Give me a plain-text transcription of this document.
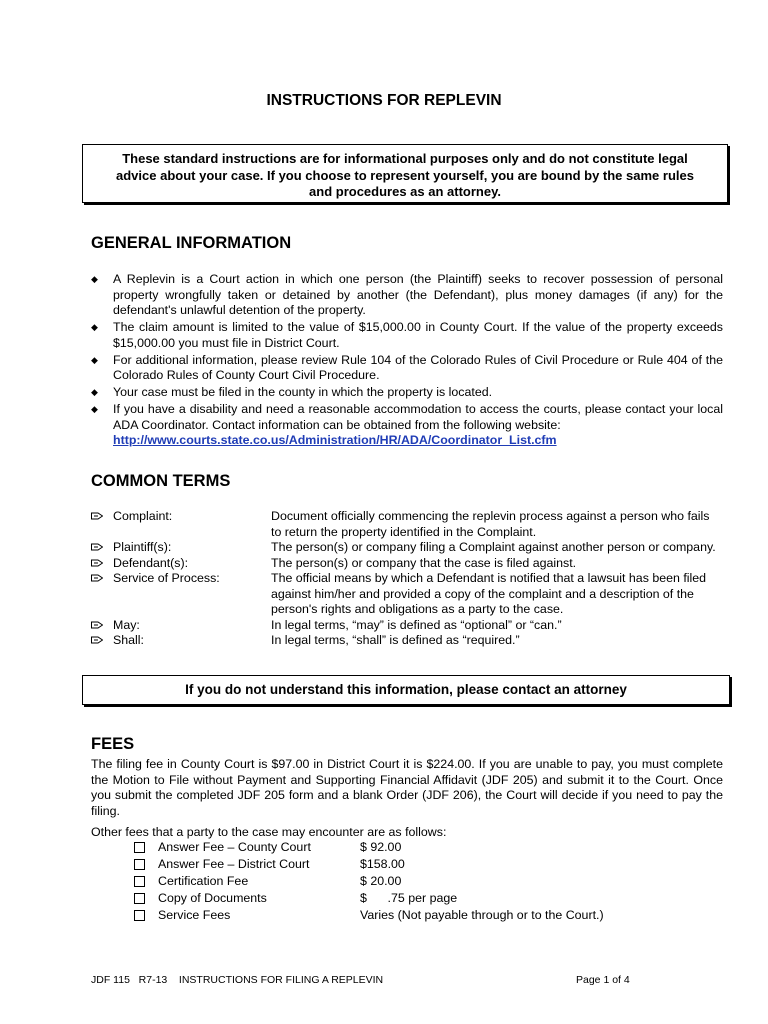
INSTRUCTIONS FOR REPLEVIN
These standard instructions are for informational purposes only and do not constitute legal
advice about your case. If you choose to represent yourself, you are bound by the same rules
and procedures as an attorney.
GENERAL INFORMATION
◆ A Replevin is a Court action in which one person (the Plaintiff) seeks to recover possession of personal property wrongfully taken or detained by another (the Defendant), plus money damages (if any) for the defendant's unlawful detention of the property.
◆ The claim amount is limited to the value of $15,000.00 in County Court. If the value of the property exceeds $15,000.00 you must file in District Court.
◆ For additional information, please review Rule 104 of the Colorado Rules of Civil Procedure or Rule 404 of the Colorado Rules of County Court Civil Procedure.
◆ Your case must be filed in the county in which the property is located.
◆ If you have a disability and need a reasonable accommodation to access the courts, please contact your local ADA Coordinator. Contact information can be obtained from the following website:
http://www.courts.state.co.us/Administration/HR/ADA/Coordinator_List.cfm
COMMON TERMS
Complaint:	Document officially commencing the replevin process against a person who fails to return the property identified in the Complaint.
Plaintiff(s):	The person(s) or company filing a Complaint against another person or company.
Defendant(s):	The person(s) or company that the case is filed against.
Service of Process:	The official means by which a Defendant is notified that a lawsuit has been filed against him/her and provided a copy of the complaint and a description of the person's rights and obligations as a party to the case.
May:	In legal terms, “may” is defined as “optional” or “can.”
Shall:	In legal terms, “shall” is defined as “required.”
If you do not understand this information, please contact an attorney
FEES
The filing fee in County Court is $97.00 in District Court it is $224.00. If you are unable to pay, you must complete the Motion to File without Payment and Supporting Financial Affidavit (JDF 205) and submit it to the Court. Once you submit the completed JDF 205 form and a blank Order (JDF 206), the Court will decide if you need to pay the filing.
Other fees that a party to the case may encounter are as follows:
Answer Fee – County Court	$ 92.00
Answer Fee – District Court	$158.00
Certification Fee	$ 20.00
Copy of Documents	$      .75 per page
Service Fees	Varies (Not payable through or to the Court.)
JDF 115   R7-13    INSTRUCTIONS FOR FILING A REPLEVIN	Page 1 of 4
